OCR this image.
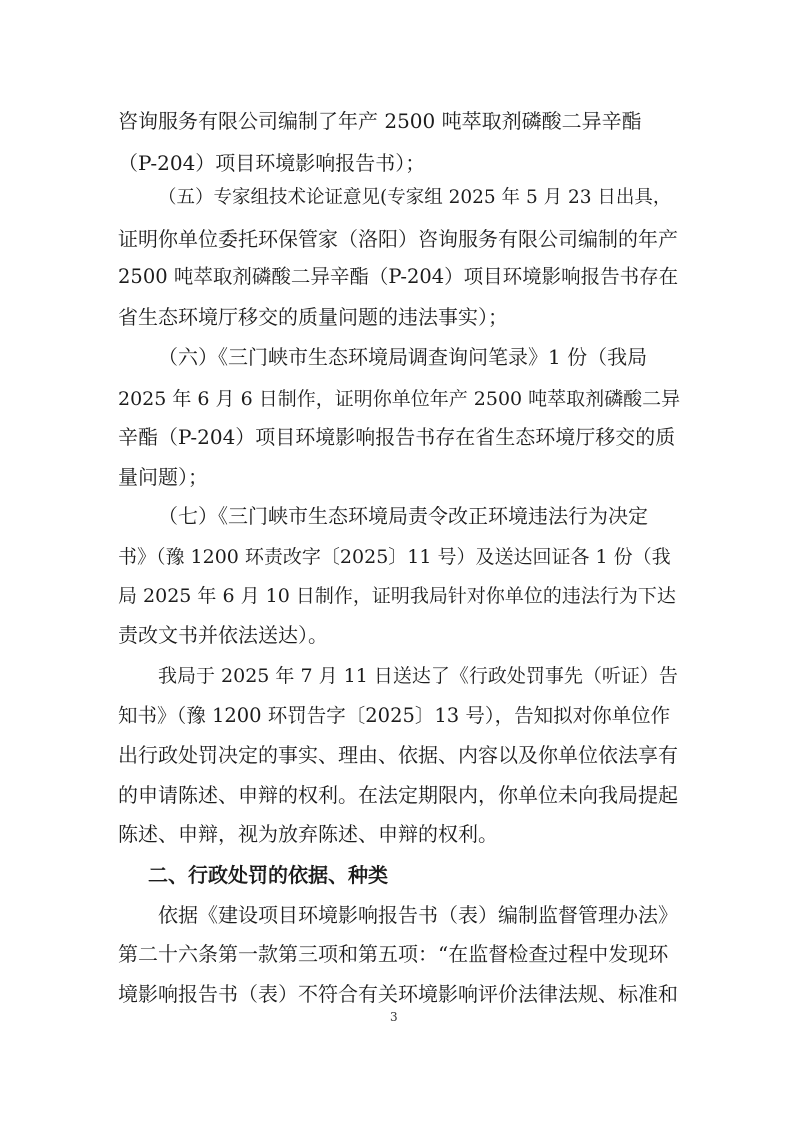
咨询服务有限公司编制了年产 2500 吨萃取剂磷酸二异辛酯
（P-204）项目环境影响报告书）；
（五）专家组技术论证意见(专家组 2025 年 5 月 23 日出具，
证明你单位委托环保管家（洛阳）咨询服务有限公司编制的年产
2500 吨萃取剂磷酸二异辛酯（P-204）项目环境影响报告书存在
省生态环境厅移交的质量问题的违法事实）；
（六）《三门峡市生态环境局调查询问笔录》1 份（我局
2025 年 6 月 6 日制作，证明你单位年产 2500 吨萃取剂磷酸二异
辛酯（P-204）项目环境影响报告书存在省生态环境厅移交的质
量问题）；
（七）《三门峡市生态环境局责令改正环境违法行为决定
书》（豫 1200 环责改字〔2025〕11 号）及送达回证各 1 份（我
局 2025 年 6 月 10 日制作，证明我局针对你单位的违法行为下达
责改文书并依法送达）。
我局于 2025 年 7 月 11 日送达了《行政处罚事先（听证）告
知书》（豫 1200 环罚告字〔2025〕13 号），告知拟对你单位作
出行政处罚决定的事实、理由、依据、内容以及你单位依法享有
的申请陈述、申辩的权利。在法定期限内，你单位未向我局提起
陈述、申辩，视为放弃陈述、申辩的权利。
二、行政处罚的依据、种类
依据《建设项目环境影响报告书（表）编制监督管理办法》
第二十六条第一款第三项和第五项：“在监督检查过程中发现环
境影响报告书（表）不符合有关环境影响评价法律法规、标准和
3
